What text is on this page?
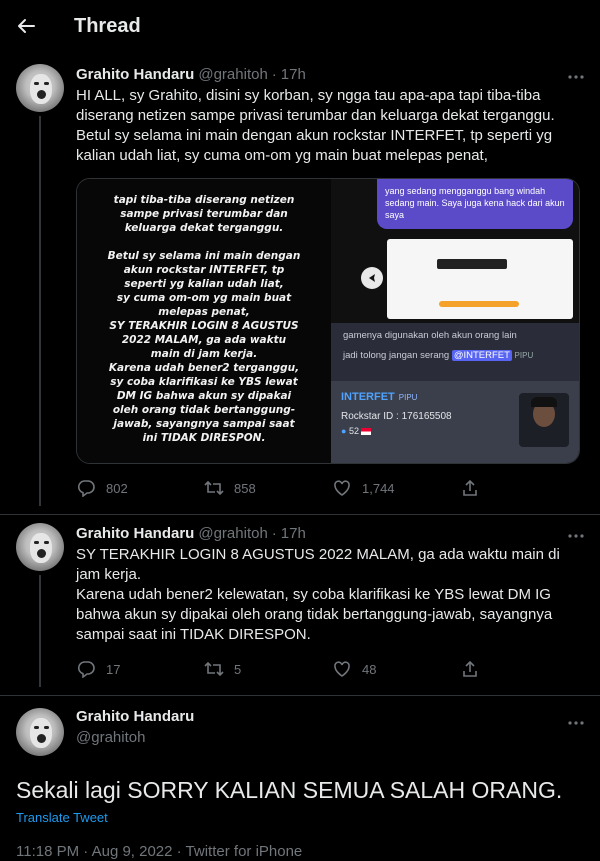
Thread
Grahito Handaru @grahitoh · 17h
HI ALL, sy Grahito, disini sy korban, sy ngga tau apa-apa tapi tiba-tiba diserang netizen sampe privasi terumbar dan keluarga dekat terganggu.
Betul sy selama ini main dengan akun rockstar INTERFET, tp seperti yg kalian udah liat, sy cuma om-om yg main buat melepas penat,
tapi tiba-tiba diserang netizen
sampe privasi terumbar dan
keluarga dekat terganggu.

Betul sy selama ini main dengan
akun rockstar INTERFET, tp
seperti yg kalian udah liat,
sy cuma om-om yg main buat
melepas penat,
SY TERAKHIR LOGIN 8 AGUSTUS
2022 MALAM, ga ada waktu
main di jam kerja.
Karena udah bener2 terganggu,
sy coba klarifikasi ke YBS lewat
DM IG bahwa akun sy dipakai
oleh orang tidak bertanggung-
jawab, sayangnya sampai saat
ini TIDAK DIRESPON.
yang sedang mengganggu bang windah sedang main. Saya juga kena hack dari akun saya
gamenya digunakan oleh akun orang lain
jadi tolong jangan serang @INTERFET PIPU
INTERFET PIPU
Rockstar ID : 176165508
● 52
802	858	1,744
Grahito Handaru @grahitoh · 17h
SY TERAKHIR LOGIN 8 AGUSTUS 2022 MALAM, ga ada waktu main di jam kerja.
Karena udah bener2 kelewatan, sy coba klarifikasi ke YBS lewat DM IG bahwa akun sy dipakai oleh orang tidak bertanggung-jawab, sayangnya sampai saat ini TIDAK DIRESPON.
17	5	48
Grahito Handaru
@grahitoh
Sekali lagi SORRY KALIAN SEMUA SALAH ORANG.
Translate Tweet
11:18 PM · Aug 9, 2022 · Twitter for iPhone
